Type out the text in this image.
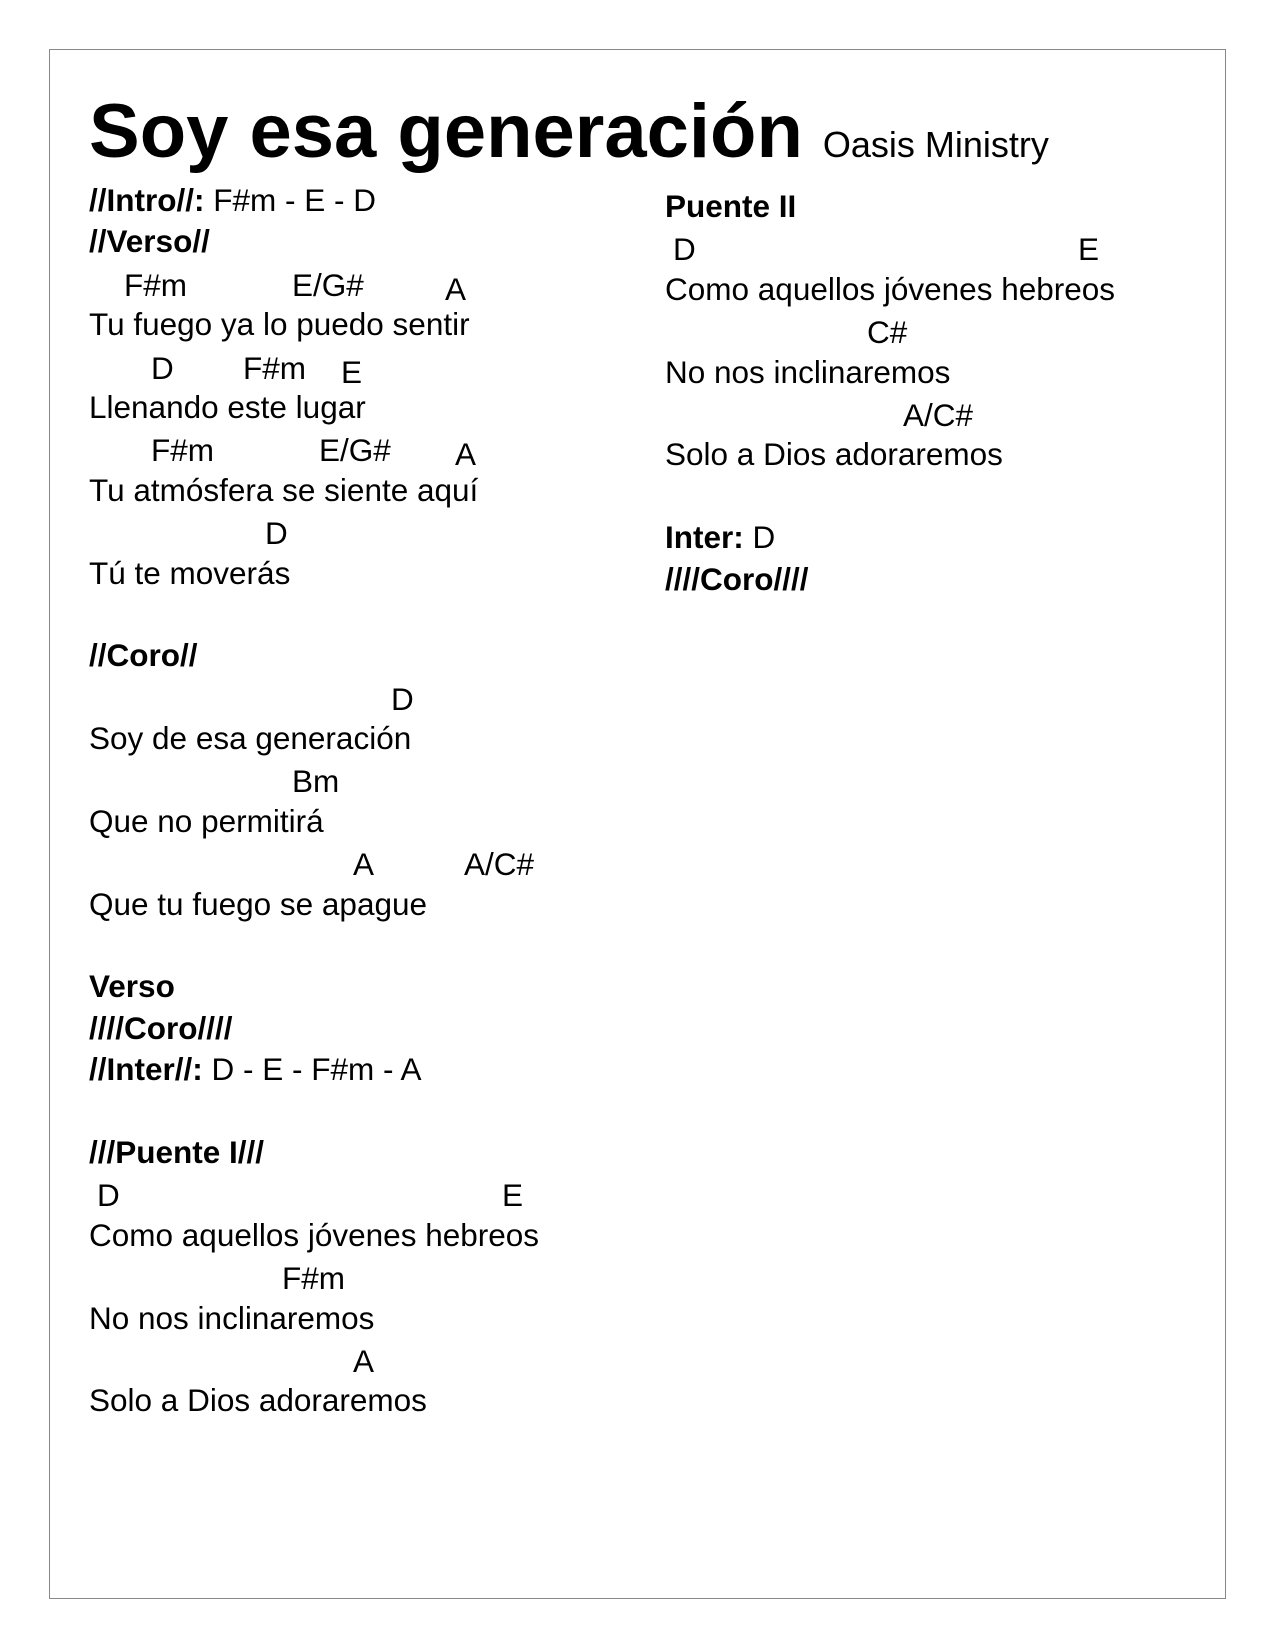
Soy esa generación Oasis Ministry
//Intro//: F#m - E - D
//Verso//

F#m

	E/G#

	A

Tu fuego ya lo puedo sentir

D

F#m

E

Llenando este lugar

F#m

	E/G#

A

Tu atmósfera se siente aquí

D

Tú te moverás
//Coro//

D

Soy de esa generación

Bm

Que no permitirá

A

	A/C#

Que tu fuego se apague
Verso
////Coro////
//Inter//: D - E - F#m - A
///Puente I///

D

	E

Como aquellos jóvenes hebreos

F#m

No nos inclinaremos

A

Solo a Dios adoraremos
Puente II

D

	E

Como aquellos jóvenes hebreos

C#

No nos inclinaremos

A/C#

Solo a Dios adoraremos
Inter: D
////Coro////
